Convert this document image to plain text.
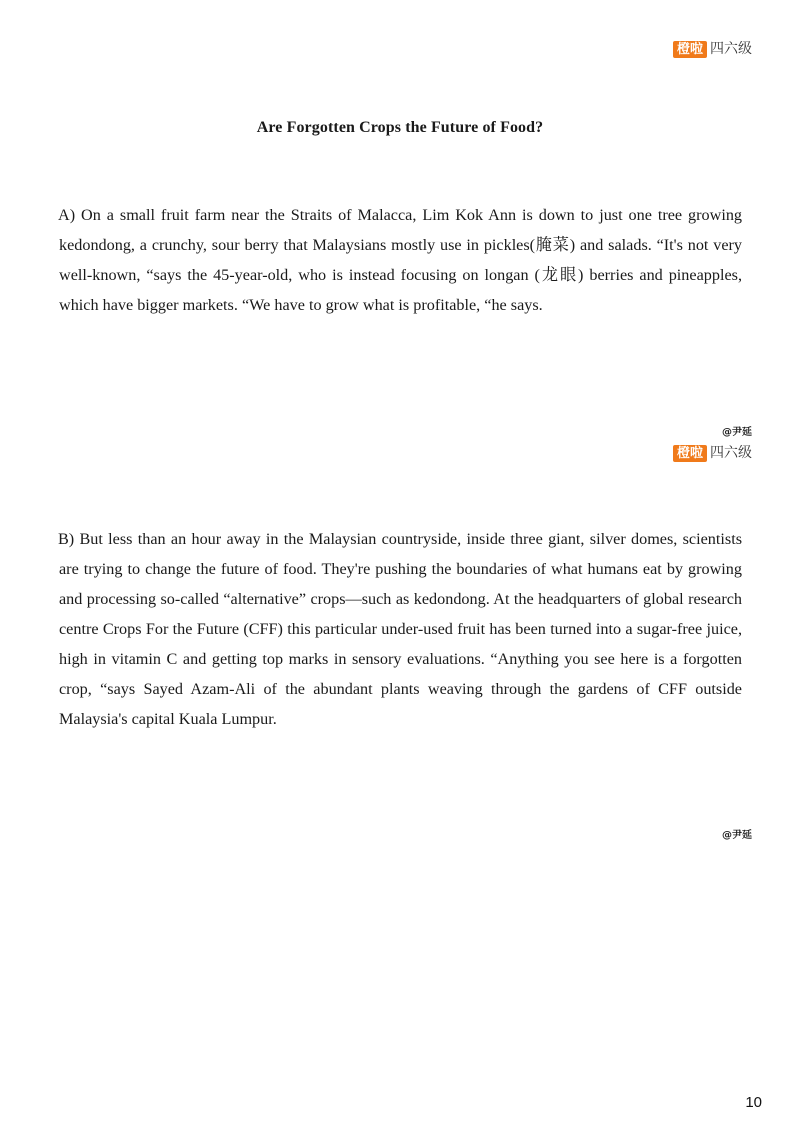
橙啦 四六级
Are Forgotten Crops the Future of Food?

A) On a small fruit farm near the Straits of Malacca, Lim Kok Ann is down to just one tree growing kedondong, a crunchy, sour berry that Malaysians mostly use in pickles(腌菜) and salads. “It's not very well-known, “says the 45-year-old, who is instead focusing on longan (龙眼) berries and pineapples, which have bigger markets. “We have to grow what is profitable, “he says.

@尹延
橙啦 四六级

B) But less than an hour away in the Malaysian countryside, inside three giant, silver domes, scientists are trying to change the future of food. They're pushing the boundaries of what humans eat by growing and processing so-called “alternative” crops—such as kedondong. At the headquarters of global research centre Crops For the Future (CFF) this particular under-used fruit has been turned into a sugar-free juice, high in vitamin C and getting top marks in sensory evaluations. “Anything you see here is a forgotten crop, “says Sayed Azam-Ali of the abundant plants weaving through the gardens of CFF outside Malaysia's capital Kuala Lumpur.

@尹延
10
